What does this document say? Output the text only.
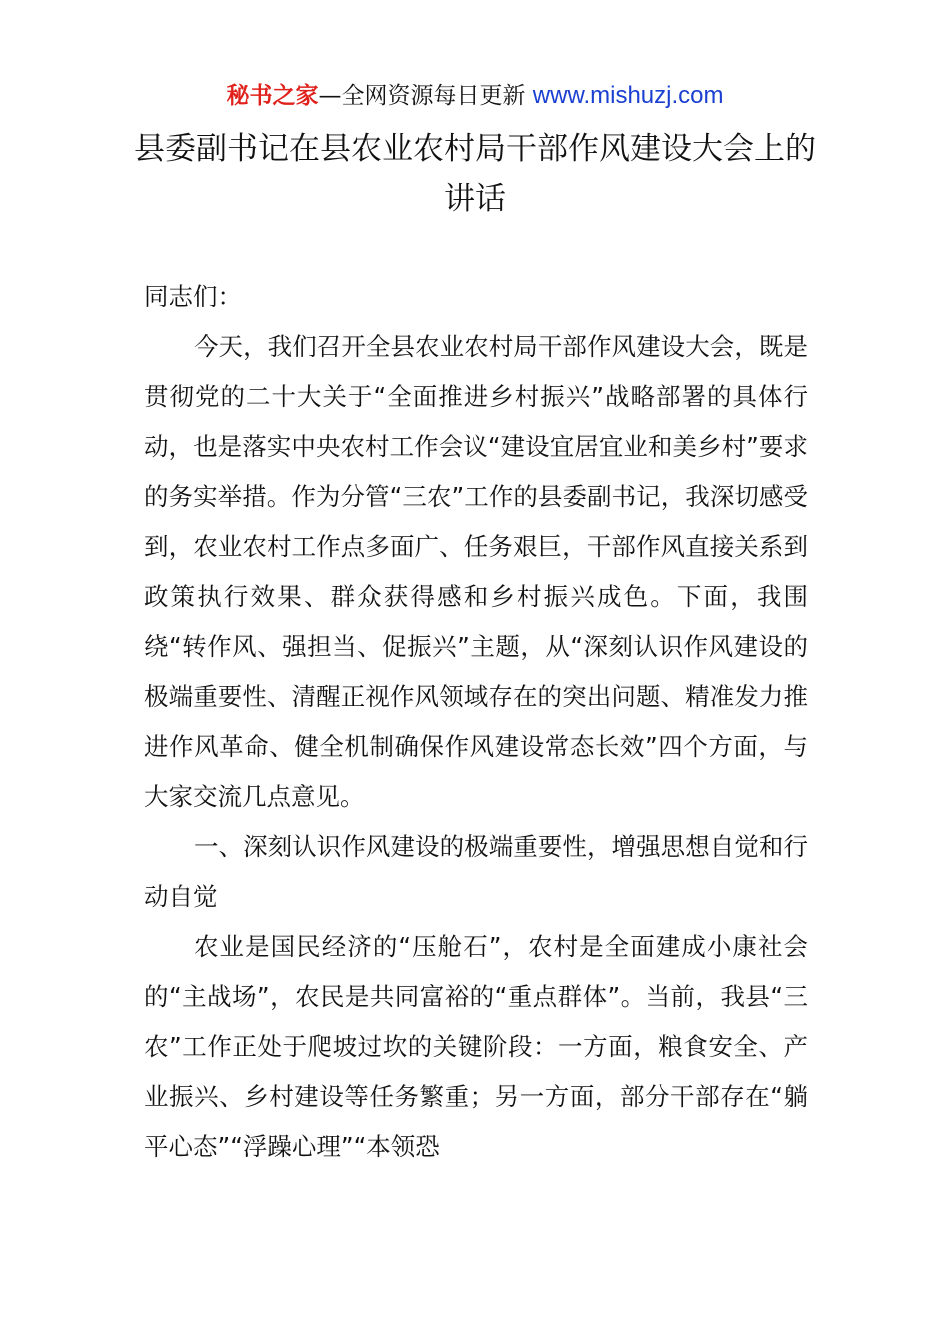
秘书之家—全网资源每日更新 www.mishuzj.com
县委副书记在县农业农村局干部作风建设大会上的讲话

同志们：

今天，我们召开全县农业农村局干部作风建设大会，既是贯彻党的二十大关于“全面推进乡村振兴”战略部署的具体行动，也是落实中央农村工作会议“建设宜居宜业和美乡村”要求的务实举措。作为分管“三农”工作的县委副书记，我深切感受到，农业农村工作点多面广、任务艰巨，干部作风直接关系到政策执行效果、群众获得感和乡村振兴成色。下面，我围绕“转作风、强担当、促振兴”主题，从“深刻认识作风建设的极端重要性、清醒正视作风领域存在的突出问题、精准发力推进作风革命、健全机制确保作风建设常态长效”四个方面，与大家交流几点意见。

一、深刻认识作风建设的极端重要性，增强思想自觉和行动自觉

农业是国民经济的“压舱石”，农村是全面建成小康社会的“主战场”，农民是共同富裕的“重点群体”。当前，我县“三农”工作正处于爬坡过坎的关键阶段：一方面，粮食安全、产业振兴、乡村建设等任务繁重；另一方面，部分干部存在“躺平心态”“浮躁心理”“本领恐
